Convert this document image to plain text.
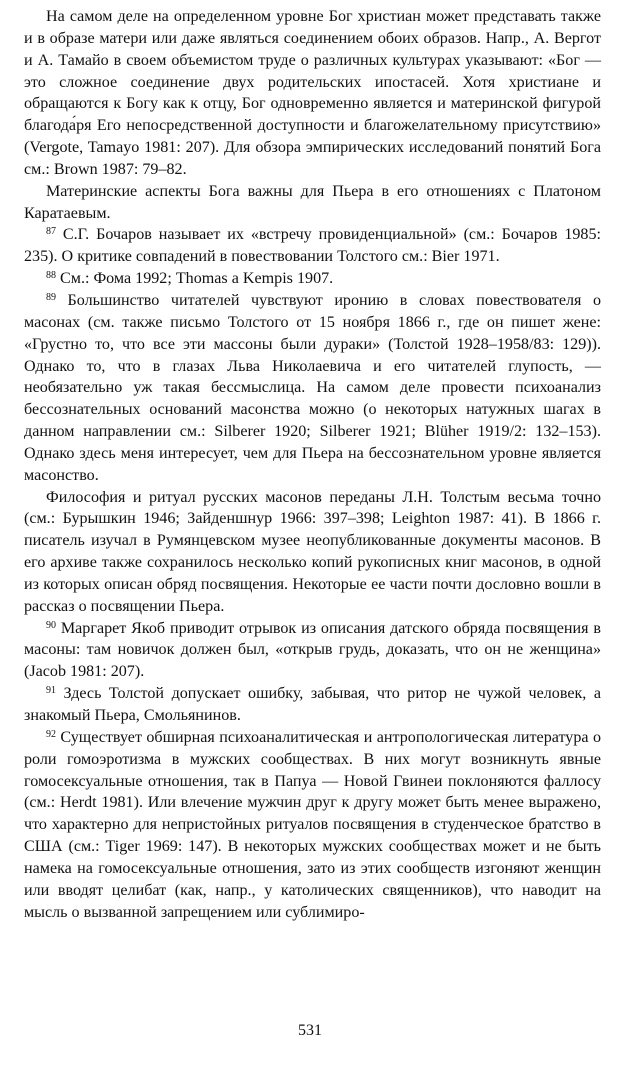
На самом деле на определенном уровне Бог христиан может представать также и в образе матери или даже являться соединением обоих образов. Напр., А. Вергот и А. Тамайо в своем объемистом труде о различных культурах указывают: «Бог — это сложное соединение двух родительских ипостасей. Хотя христиане и обращаются к Богу как к отцу, Бог одновременно является и материнской фигурой благода́ря Его непосредственной доступности и благожелательному присутствию» (Vergote, Tamayo 1981: 207). Для обзора эмпирических исследований понятий Бога см.: Brown 1987: 79–82.

Материнские аспекты Бога важны для Пьера в его отношениях с Платоном Каратаевым.

$^{87}$ С.Г. Бочаров называет их «встречу провиденциальной» (см.: Бочаров 1985: 235). О критике совпадений в повествовании Толстого см.: Bier 1971.

$^{88}$ См.: Фома 1992; Thomas a Kempis 1907.

$^{89}$ Большинство читателей чувствуют иронию в словах повествователя о масонах (см. также письмо Толстого от 15 ноября 1866 г., где он пишет жене: «Грустно то, что все эти массоны были дураки» (Толстой 1928–1958/83: 129)). Однако то, что в глазах Льва Николаевича и его читателей глупость, — необязательно уж такая бессмыслица. На самом деле провести психоанализ бессознательных оснований масонства можно (о некоторых натужных шагах в данном направлении см.: Silberer 1920; Silberer 1921; Blüher 1919/2: 132–153). Однако здесь меня интересует, чем для Пьера на бессознательном уровне является масонство.

Философия и ритуал русских масонов переданы Л.Н. Толстым весьма точно (см.: Бурышкин 1946; Зайденшнур 1966: 397–398; Leighton 1987: 41). В 1866 г. писатель изучал в Румянцевском музее неопубликованные документы масонов. В его архиве также сохранилось несколько копий рукописных книг масонов, в одной из которых описан обряд посвящения. Некоторые ее части почти дословно вошли в рассказ о посвящении Пьера.

$^{90}$ Маргарет Якоб приводит отрывок из описания датского обряда посвящения в масоны: там новичок должен был, «открыв грудь, доказать, что он не женщина» (Jacob 1981: 207).

$^{91}$ Здесь Толстой допускает ошибку, забывая, что ритор не чужой человек, а знакомый Пьера, Смольянинов.

$^{92}$ Существует обширная психоаналитическая и антропологическая литература о роли гомоэротизма в мужских сообществах. В них могут возникнуть явные гомосексуальные отношения, так в Папуа — Новой Гвинеи поклоняются фаллосу (см.: Herdt 1981). Или влечение мужчин друг к другу может быть менее выражено, что характерно для непристойных ритуалов посвящения в студенческое братство в США (см.: Tiger 1969: 147). В некоторых мужских сообществах может и не быть намека на гомосексуальные отношения, зато из этих сообществ изгоняют женщин или вводят целибат (как, напр., у католических священников), что наводит на мысль о вызванной запрещением или сублимиро-

531
